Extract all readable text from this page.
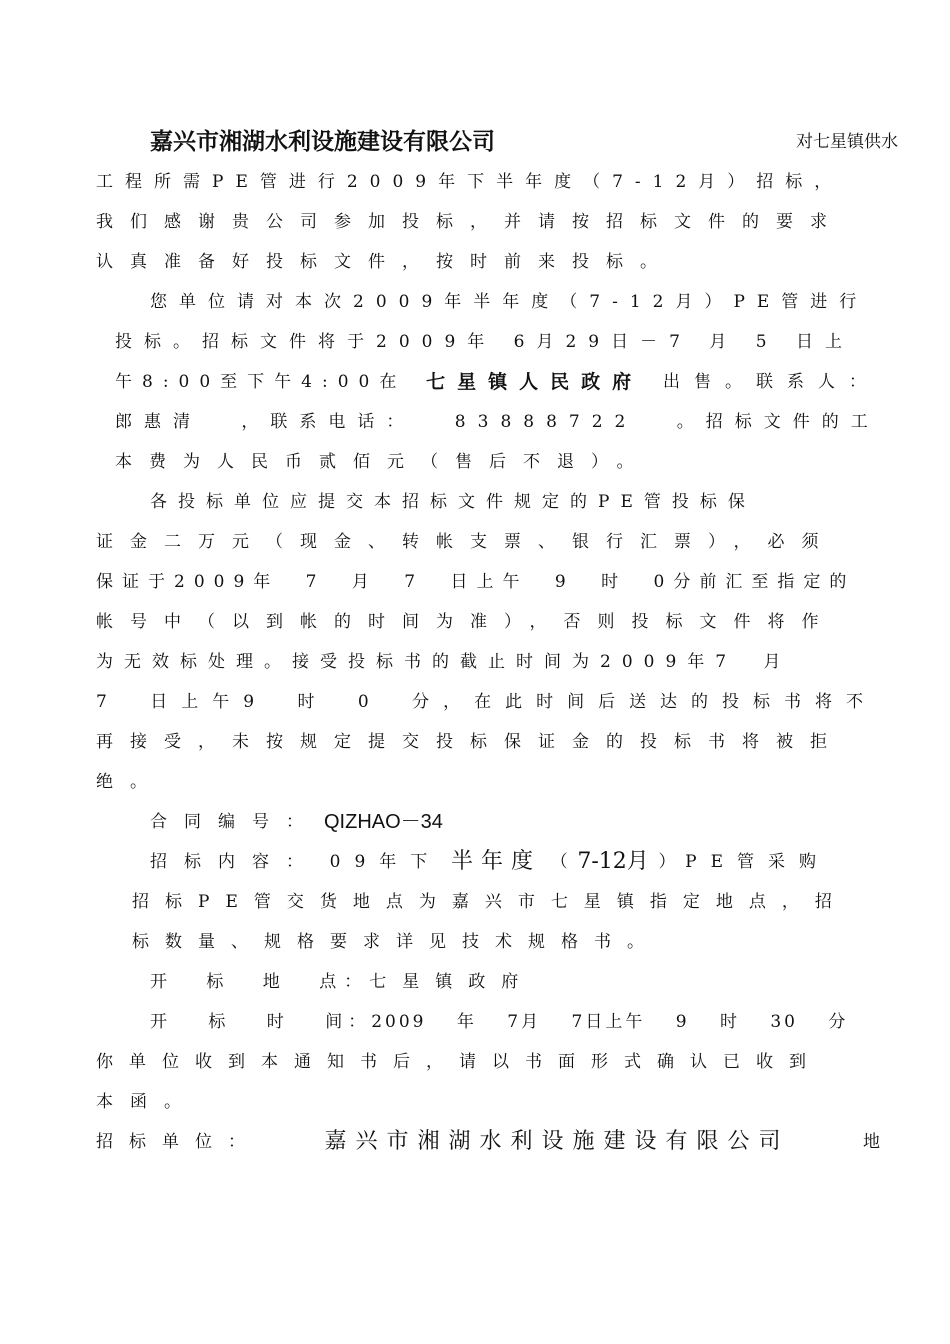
嘉兴市湘湖水利设施建设有限公司	对七星镇供水
工程所需PE管进行2009年下半年度（7-12月）招标，
我们感谢贵公司参加投标，并请按招标文件的要求
认真准备好投标文件，按时前来投标。
您单位请对本次2009年半年度（7-12月）PE管进行
投标。招标文件将于2009年 6月29日－7 月 5 日上
午8:00至下午4:00在 七星镇人民政府 出售。联系人：
郎惠清 ，联系电话： 83888722 。招标文件的工
本费为人民币贰佰元（售后不退）。
各投标单位应提交本招标文件规定的PE管投标保
证金二万元（现金、转帐支票、银行汇票），必须
保证于2009年 7 月 7 日上午 9 时 0分前汇至指定的
帐号中（以到帐的时间为准），否则投标文件将作
为无效标处理。接受投标书的截止时间为2009年7 月
7 日上午9 时 0 分，在此时间后送达的投标书将不
再接受，未按规定提交投标保证金的投标书将被拒
绝。
合同编号： QIZHAO－34
招标内容： 09年下 半年度 （ 7-12月 ） PE管采购
招标PE管交货地点为嘉兴市七星镇指定地点，招
标数量、规格要求详见技术规格书。
开 标 地 点： 七星镇政府
开 标 时 间： 2009 年 7月 7日上午 9 时 30 分
你单位收到本通知书后，请以书面形式确认已收到
本函。
招标单位：	嘉兴市湘湖水利设施建设有限公司	地
